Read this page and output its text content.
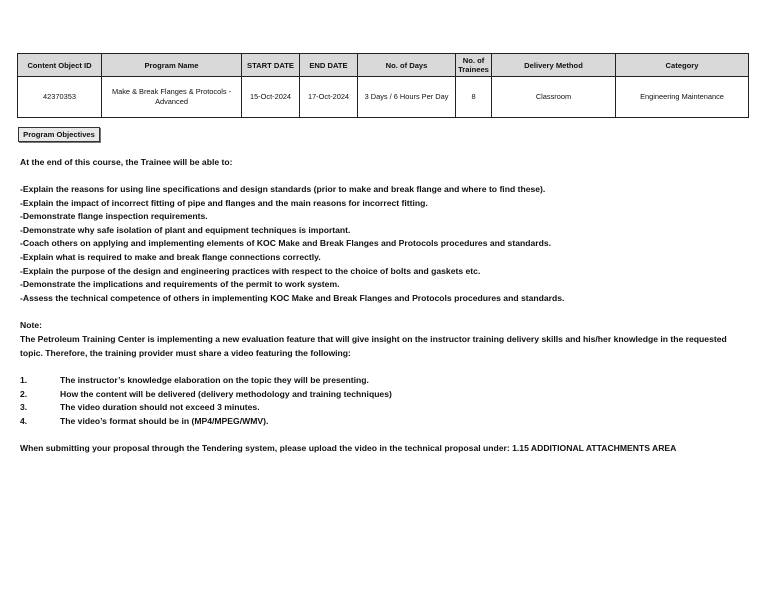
Content Object ID	Program Name	START DATE	END DATE	No. of Days	No. of Trainees	Delivery Method	Category
42370353	Make & Break Flanges & Protocols - Advanced	15-Oct-2024	17-Oct-2024	3 Days / 6 Hours Per Day	8	Classroom	Engineering Maintenance
Program Objectives
At the end of this course, the Trainee will be able to:

-Explain the reasons for using line specifications and design standards (prior to make and break flange and where to find these).

-Explain the impact of incorrect fitting of pipe and flanges and the main reasons for incorrect fitting.

-Demonstrate flange inspection requirements.

-Demonstrate why safe isolation of plant and equipment techniques is important.

-Coach others on applying and implementing elements of KOC Make and Break Flanges and Protocols procedures and standards.

-Explain what is required to make and break flange connections correctly.

-Explain the purpose of the design and engineering practices with respect to the choice of bolts and gaskets etc.

-Demonstrate the implications and requirements of the permit to work system.

-Assess the technical competence of others in implementing KOC Make and Break Flanges and Protocols procedures and standards.

Note:
The Petroleum Training Center is implementing a new evaluation feature that will give insight on the instructor training delivery skills and his/her knowledge in the requested topic. Therefore, the training provider must share a video featuring the following:
1.	The instructor’s knowledge elaboration on the topic they will be presenting.
2.	How the content will be delivered (delivery methodology and training techniques)
3.	The video duration should not exceed 3 minutes.
4.	The video’s format should be in (MP4/MPEG/WMV).
When submitting your proposal through the Tendering system, please upload the video in the technical proposal under: 1.15 ADDITIONAL ATTACHMENTS AREA
